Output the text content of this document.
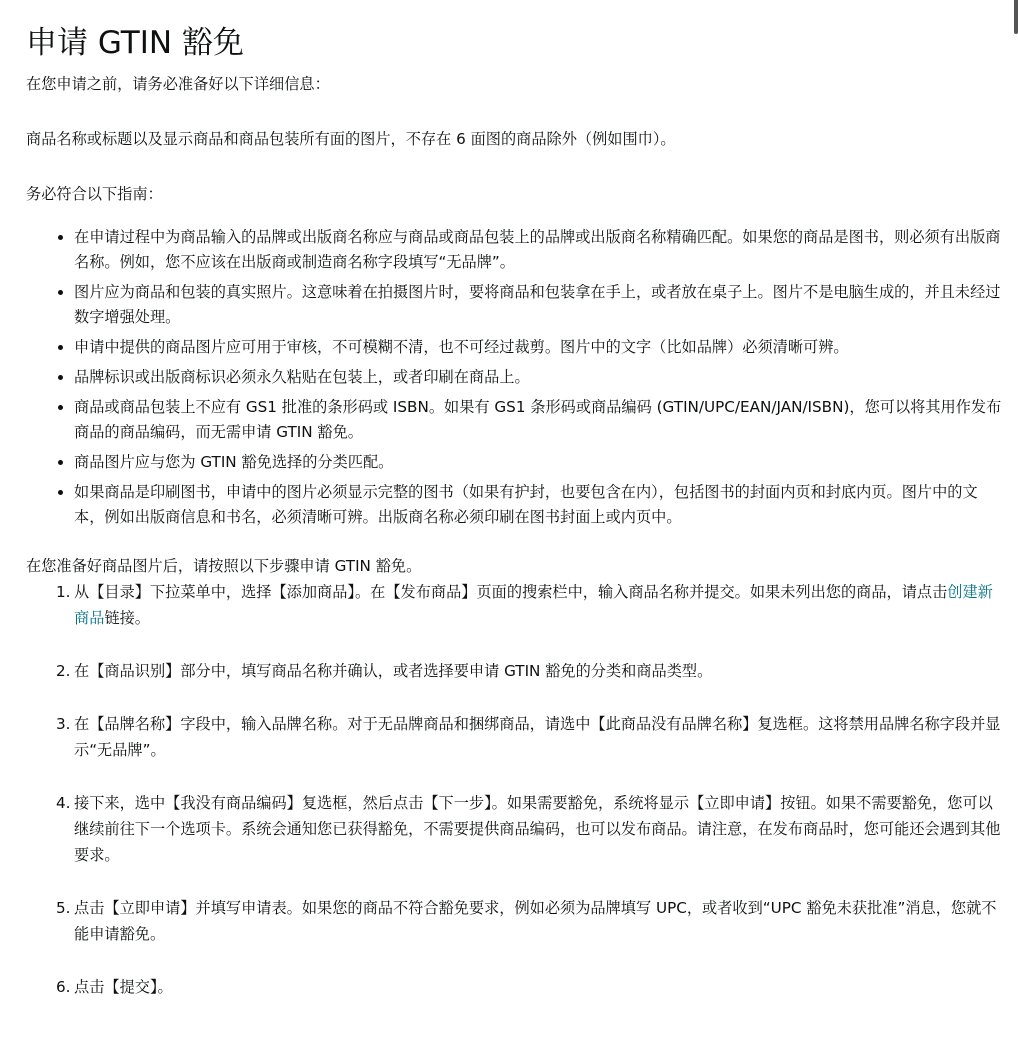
申请 GTIN 豁免

在您申请之前，请务必准备好以下详细信息：

商品名称或标题以及显示商品和商品包装所有面的图片，不存在 6 面图的商品除外（例如围巾）。

务必符合以下指南：

• 在申请过程中为商品输入的品牌或出版商名称应与商品或商品包装上的品牌或出版商名称精确匹配。如果您的商品是图书，则必须有出版商名称。例如，您不应该在出版商或制造商名称字段填写“无品牌”。
• 图片应为商品和包装的真实照片。这意味着在拍摄图片时，要将商品和包装拿在手上，或者放在桌子上。图片不是电脑生成的，并且未经过数字增强处理。
• 申请中提供的商品图片应可用于审核，不可模糊不清，也不可经过裁剪。图片中的文字（比如品牌）必须清晰可辨。
• 品牌标识或出版商标识必须永久粘贴在包装上，或者印刷在商品上。
• 商品或商品包装上不应有 GS1 批准的条形码或 ISBN。如果有 GS1 条形码或商品编码 (GTIN/UPC/EAN/JAN/ISBN)，您可以将其用作发布商品的商品编码，而无需申请 GTIN 豁免。
• 商品图片应与您为 GTIN 豁免选择的分类匹配。
• 如果商品是印刷图书，申请中的图片必须显示完整的图书（如果有护封，也要包含在内），包括图书的封面内页和封底内页。图片中的文本，例如出版商信息和书名，必须清晰可辨。出版商名称必须印刷在图书封面上或内页中。

在您准备好商品图片后，请按照以下步骤申请 GTIN 豁免。

1. 从【目录】下拉菜单中，选择【添加商品】。在【发布商品】页面的搜索栏中，输入商品名称并提交。如果未列出您的商品，请点击创建新商品链接。
2. 在【商品识别】部分中，填写商品名称并确认，或者选择要申请 GTIN 豁免的分类和商品类型。
3. 在【品牌名称】字段中，输入品牌名称。对于无品牌商品和捆绑商品，请选中【此商品没有品牌名称】复选框。这将禁用品牌名称字段并显示“无品牌”。
4. 接下来，选中【我没有商品编码】复选框，然后点击【下一步】。如果需要豁免，系统将显示【立即申请】按钮。如果不需要豁免，您可以继续前往下一个选项卡。系统会通知您已获得豁免，不需要提供商品编码，也可以发布商品。请注意，在发布商品时，您可能还会遇到其他要求。
5. 点击【立即申请】并填写申请表。如果您的商品不符合豁免要求，例如必须为品牌填写 UPC，或者收到“UPC 豁免未获批准”消息，您就不能申请豁免。
6. 点击【提交】。
